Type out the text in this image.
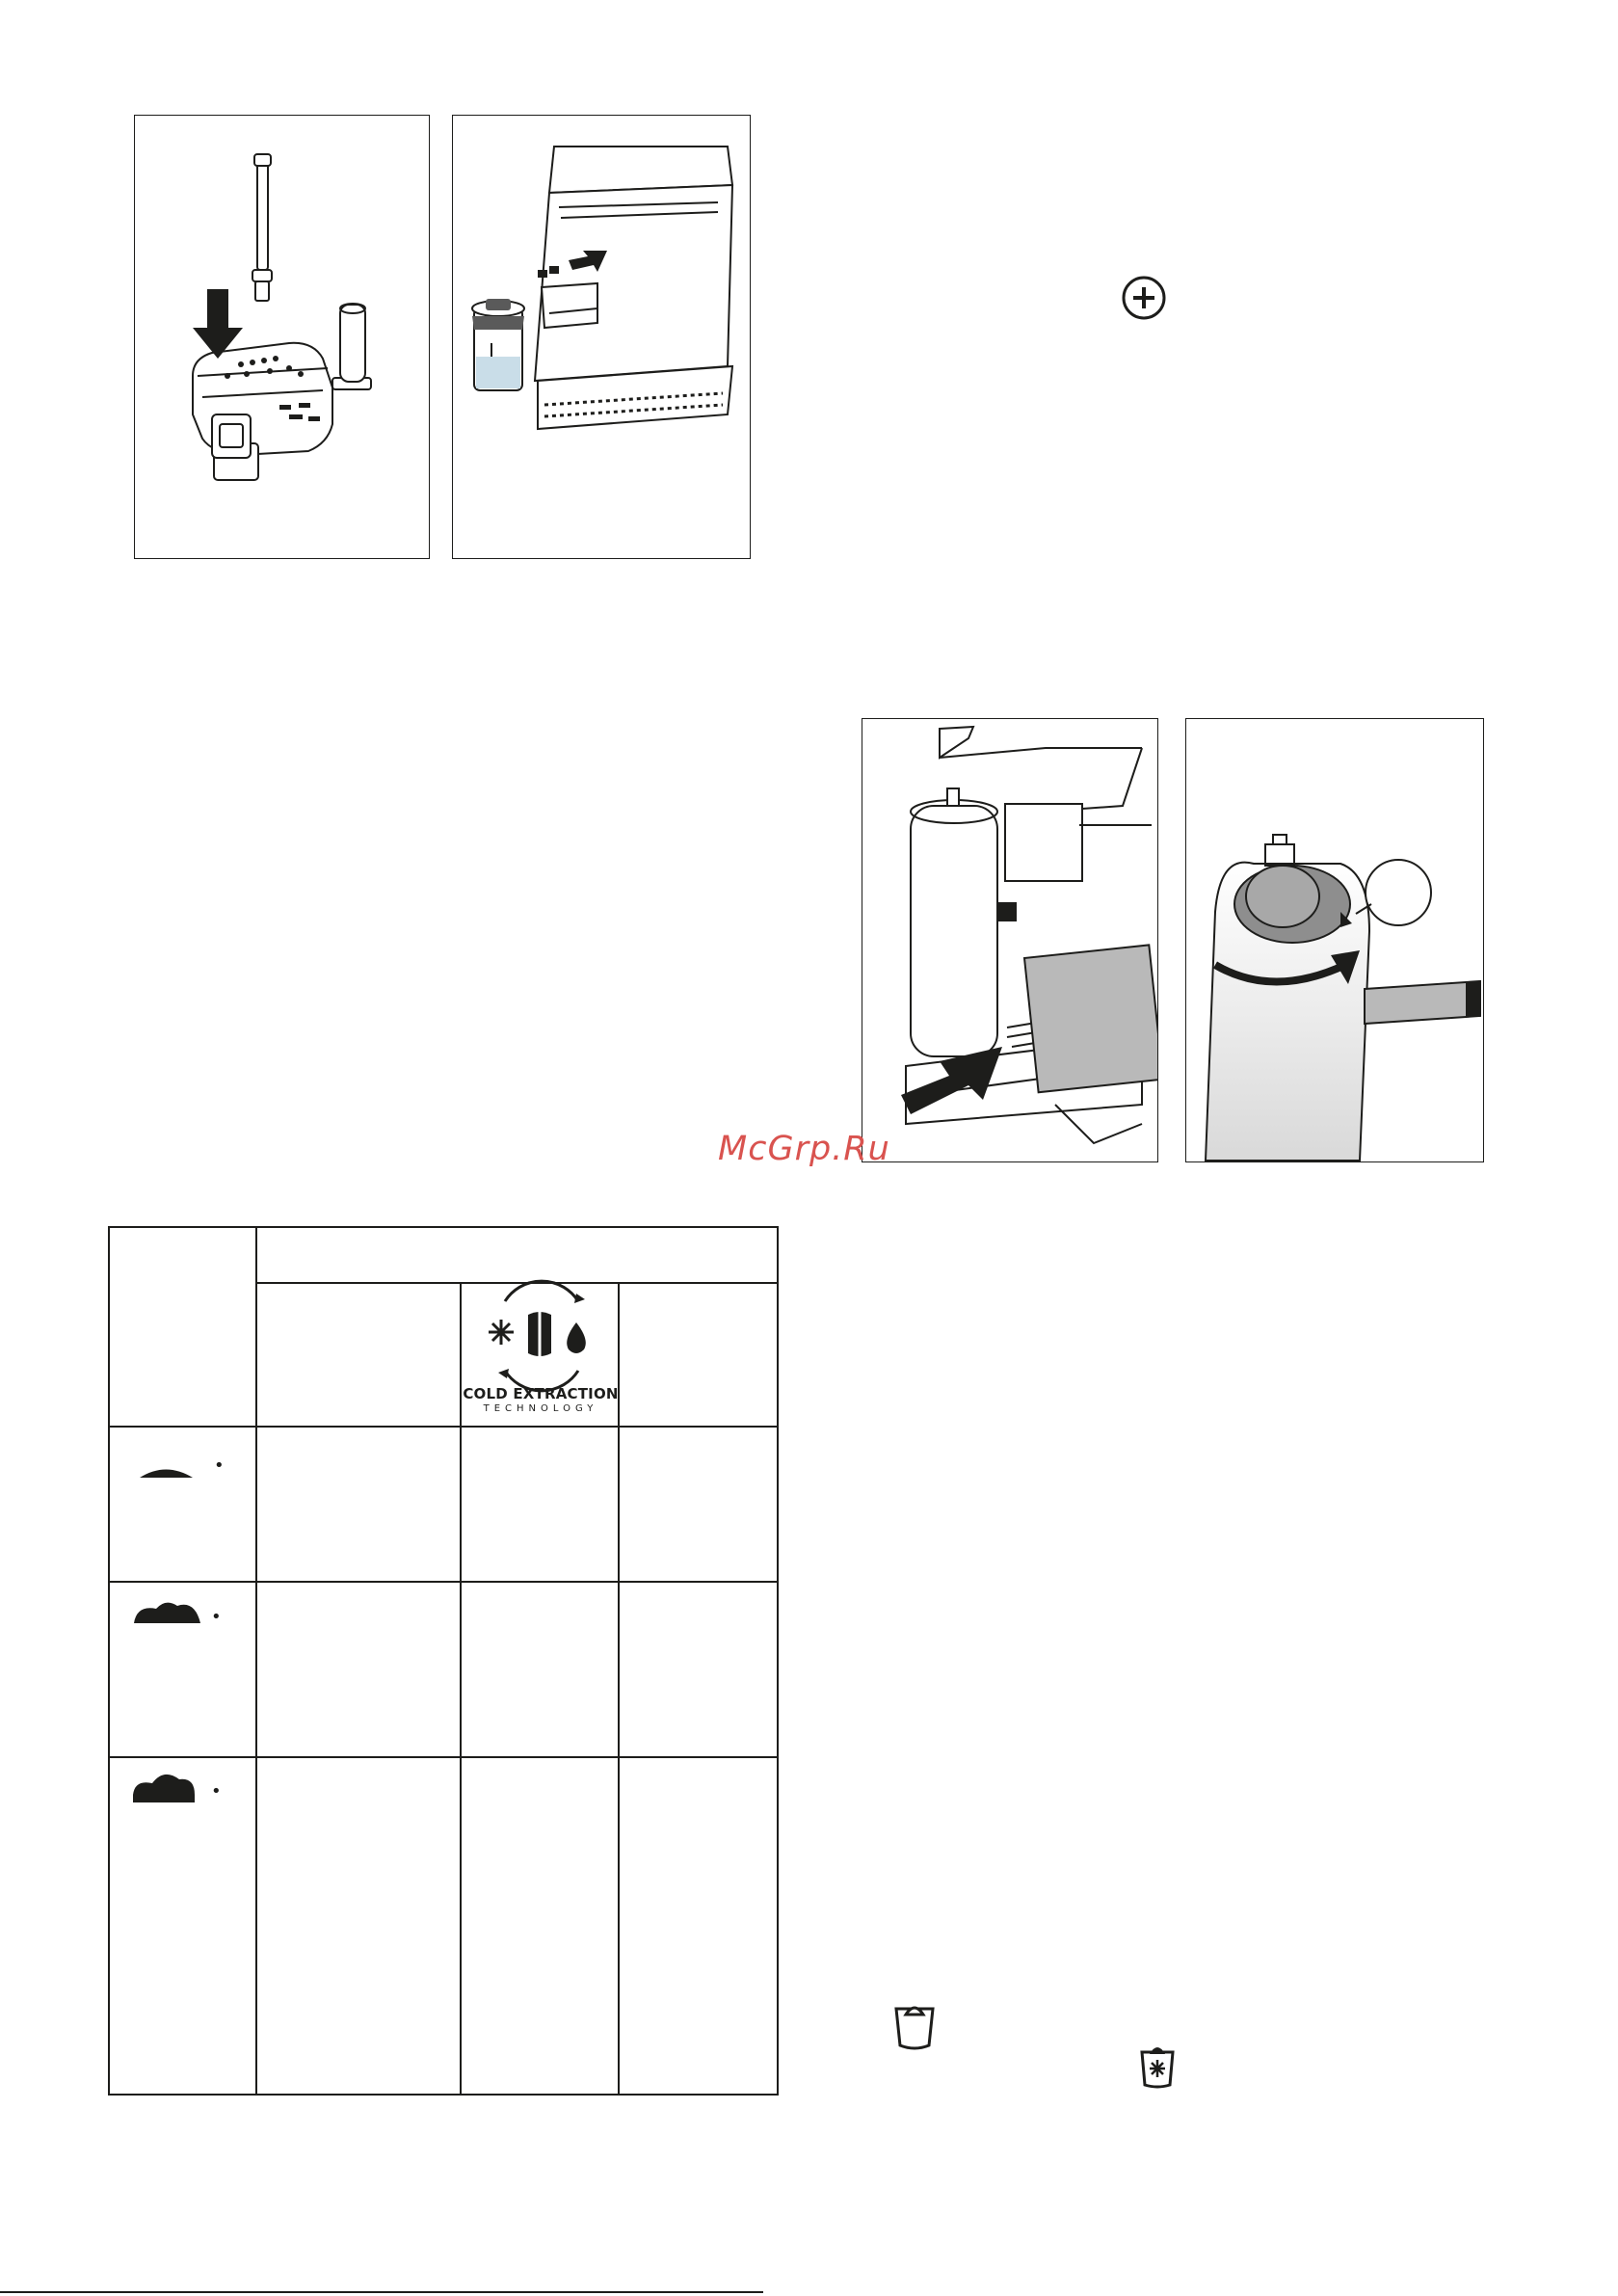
McGrp.Ru
COLD EXTRACTION
TECHNOLOGY
•
•
•
